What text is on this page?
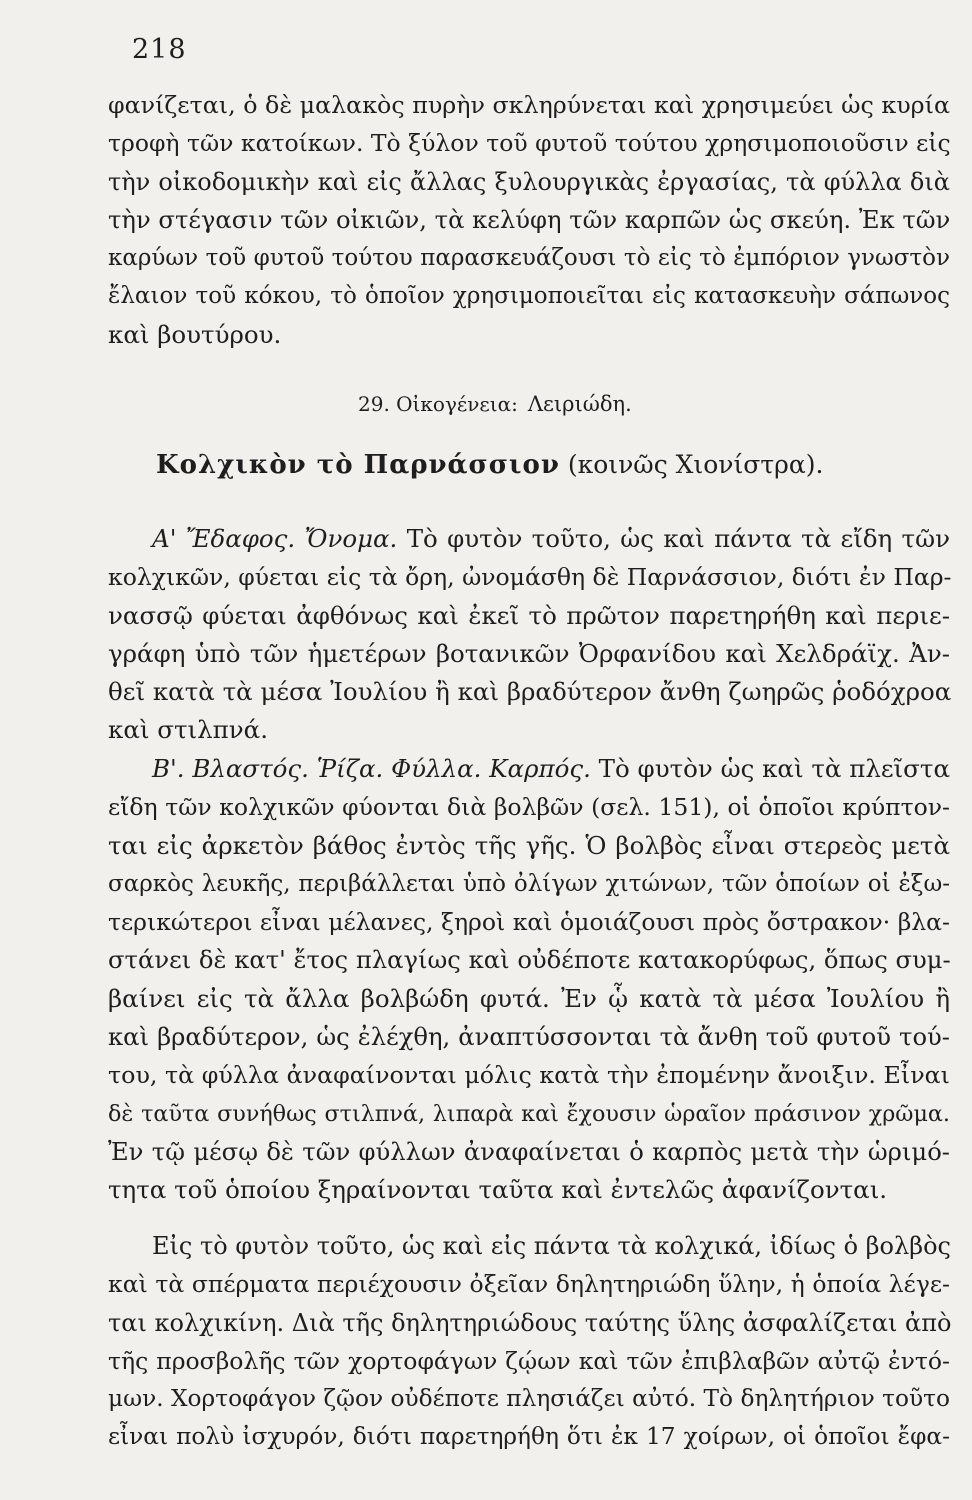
218
φανίζεται, ὁ δὲ μαλακὸς πυρὴν σκληρύνεται καὶ χρησιμεύει ὡς κυρία
τροφὴ τῶν κατοίκων. Τὸ ξύλον τοῦ φυτοῦ τούτου χρησιμοποιοῦσιν εἰς
τὴν οἰκοδομικὴν καὶ εἰς ἄλλας ξυλουργικὰς ἐργασίας, τὰ φύλλα διὰ
τὴν στέγασιν τῶν οἰκιῶν, τὰ κελύφη τῶν καρπῶν ὡς σκεύη. Ἐκ τῶν
καρύων τοῦ φυτοῦ τούτου παρασκευάζουσι τὸ εἰς τὸ ἐμπόριον γνωστὸν
ἔλαιον τοῦ κόκου, τὸ ὁποῖον χρησιμοποιεῖται εἰς κατασκευὴν σάπωνος
καὶ βουτύρου.
29. Οἰκογένεια: Λειριώδη.
Κολχικὸν τὸ Παρνάσσιον (κοινῶς Χιονίστρα).
Α' Ἔδαφος. Ὄνομα. Τὸ φυτὸν τοῦτο, ὡς καὶ πάντα τὰ εἴδη τῶν
κολχικῶν, φύεται εἰς τὰ ὄρη, ὠνομάσθη δὲ Παρνάσσιον, διότι ἐν Παρ-
νασσῷ φύεται ἀφθόνως καὶ ἐκεῖ τὸ πρῶτον παρετηρήθη καὶ περιε-
γράφη ὑπὸ τῶν ἡμετέρων βοτανικῶν Ὀρφανίδου καὶ Χελδράϊχ. Ἀν-
θεῖ κατὰ τὰ μέσα Ἰουλίου ἢ καὶ βραδύτερον ἄνθη ζωηρῶς ῥοδόχροα
καὶ στιλπνά.
Β'. Βλαστός. Ῥίζα. Φύλλα. Καρπός. Τὸ φυτὸν ὡς καὶ τὰ πλεῖστα
εἴδη τῶν κολχικῶν φύονται διὰ βολβῶν (σελ. 151), οἱ ὁποῖοι κρύπτον-
ται εἰς ἀρκετὸν βάθος ἐντὸς τῆς γῆς. Ὁ βολβὸς εἶναι στερεὸς μετὰ
σαρκὸς λευκῆς, περιβάλλεται ὑπὸ ὀλίγων χιτώνων, τῶν ὁποίων οἱ ἐξω-
τερικώτεροι εἶναι μέλανες, ξηροὶ καὶ ὁμοιάζουσι πρὸς ὄστρακον· βλα-
στάνει δὲ κατ' ἔτος πλαγίως καὶ οὐδέποτε κατακορύφως, ὅπως συμ-
βαίνει εἰς τὰ ἄλλα βολβώδη φυτά. Ἐν ᾧ κατὰ τὰ μέσα Ἰουλίου ἢ
καὶ βραδύτερον, ὡς ἐλέχθη, ἀναπτύσσονται τὰ ἄνθη τοῦ φυτοῦ τού-
του, τὰ φύλλα ἀναφαίνονται μόλις κατὰ τὴν ἐπομένην ἄνοιξιν. Εἶναι
δὲ ταῦτα συνήθως στιλπνά, λιπαρὰ καὶ ἔχουσιν ὡραῖον πράσινον χρῶμα.
Ἐν τῷ μέσῳ δὲ τῶν φύλλων ἀναφαίνεται ὁ καρπὸς μετὰ τὴν ὡριμό-
τητα τοῦ ὁποίου ξηραίνονται ταῦτα καὶ ἐντελῶς ἀφανίζονται.
Εἰς τὸ φυτὸν τοῦτο, ὡς καὶ εἰς πάντα τὰ κολχικά, ἰδίως ὁ βολβὸς
καὶ τὰ σπέρματα περιέχουσιν ὀξεῖαν δηλητηριώδη ὕλην, ἡ ὁποία λέγε-
ται κολχικίνη. Διὰ τῆς δηλητηριώδους ταύτης ὕλης ἀσφαλίζεται ἀπὸ
τῆς προσβολῆς τῶν χορτοφάγων ζῴων καὶ τῶν ἐπιβλαβῶν αὐτῷ ἐντό-
μων. Χορτοφάγον ζῷον οὐδέποτε πλησιάζει αὐτό. Τὸ δηλητήριον τοῦτο
εἶναι πολὺ ἰσχυρόν, διότι παρετηρήθη ὅτι ἐκ 17 χοίρων, οἱ ὁποῖοι ἔφα-
